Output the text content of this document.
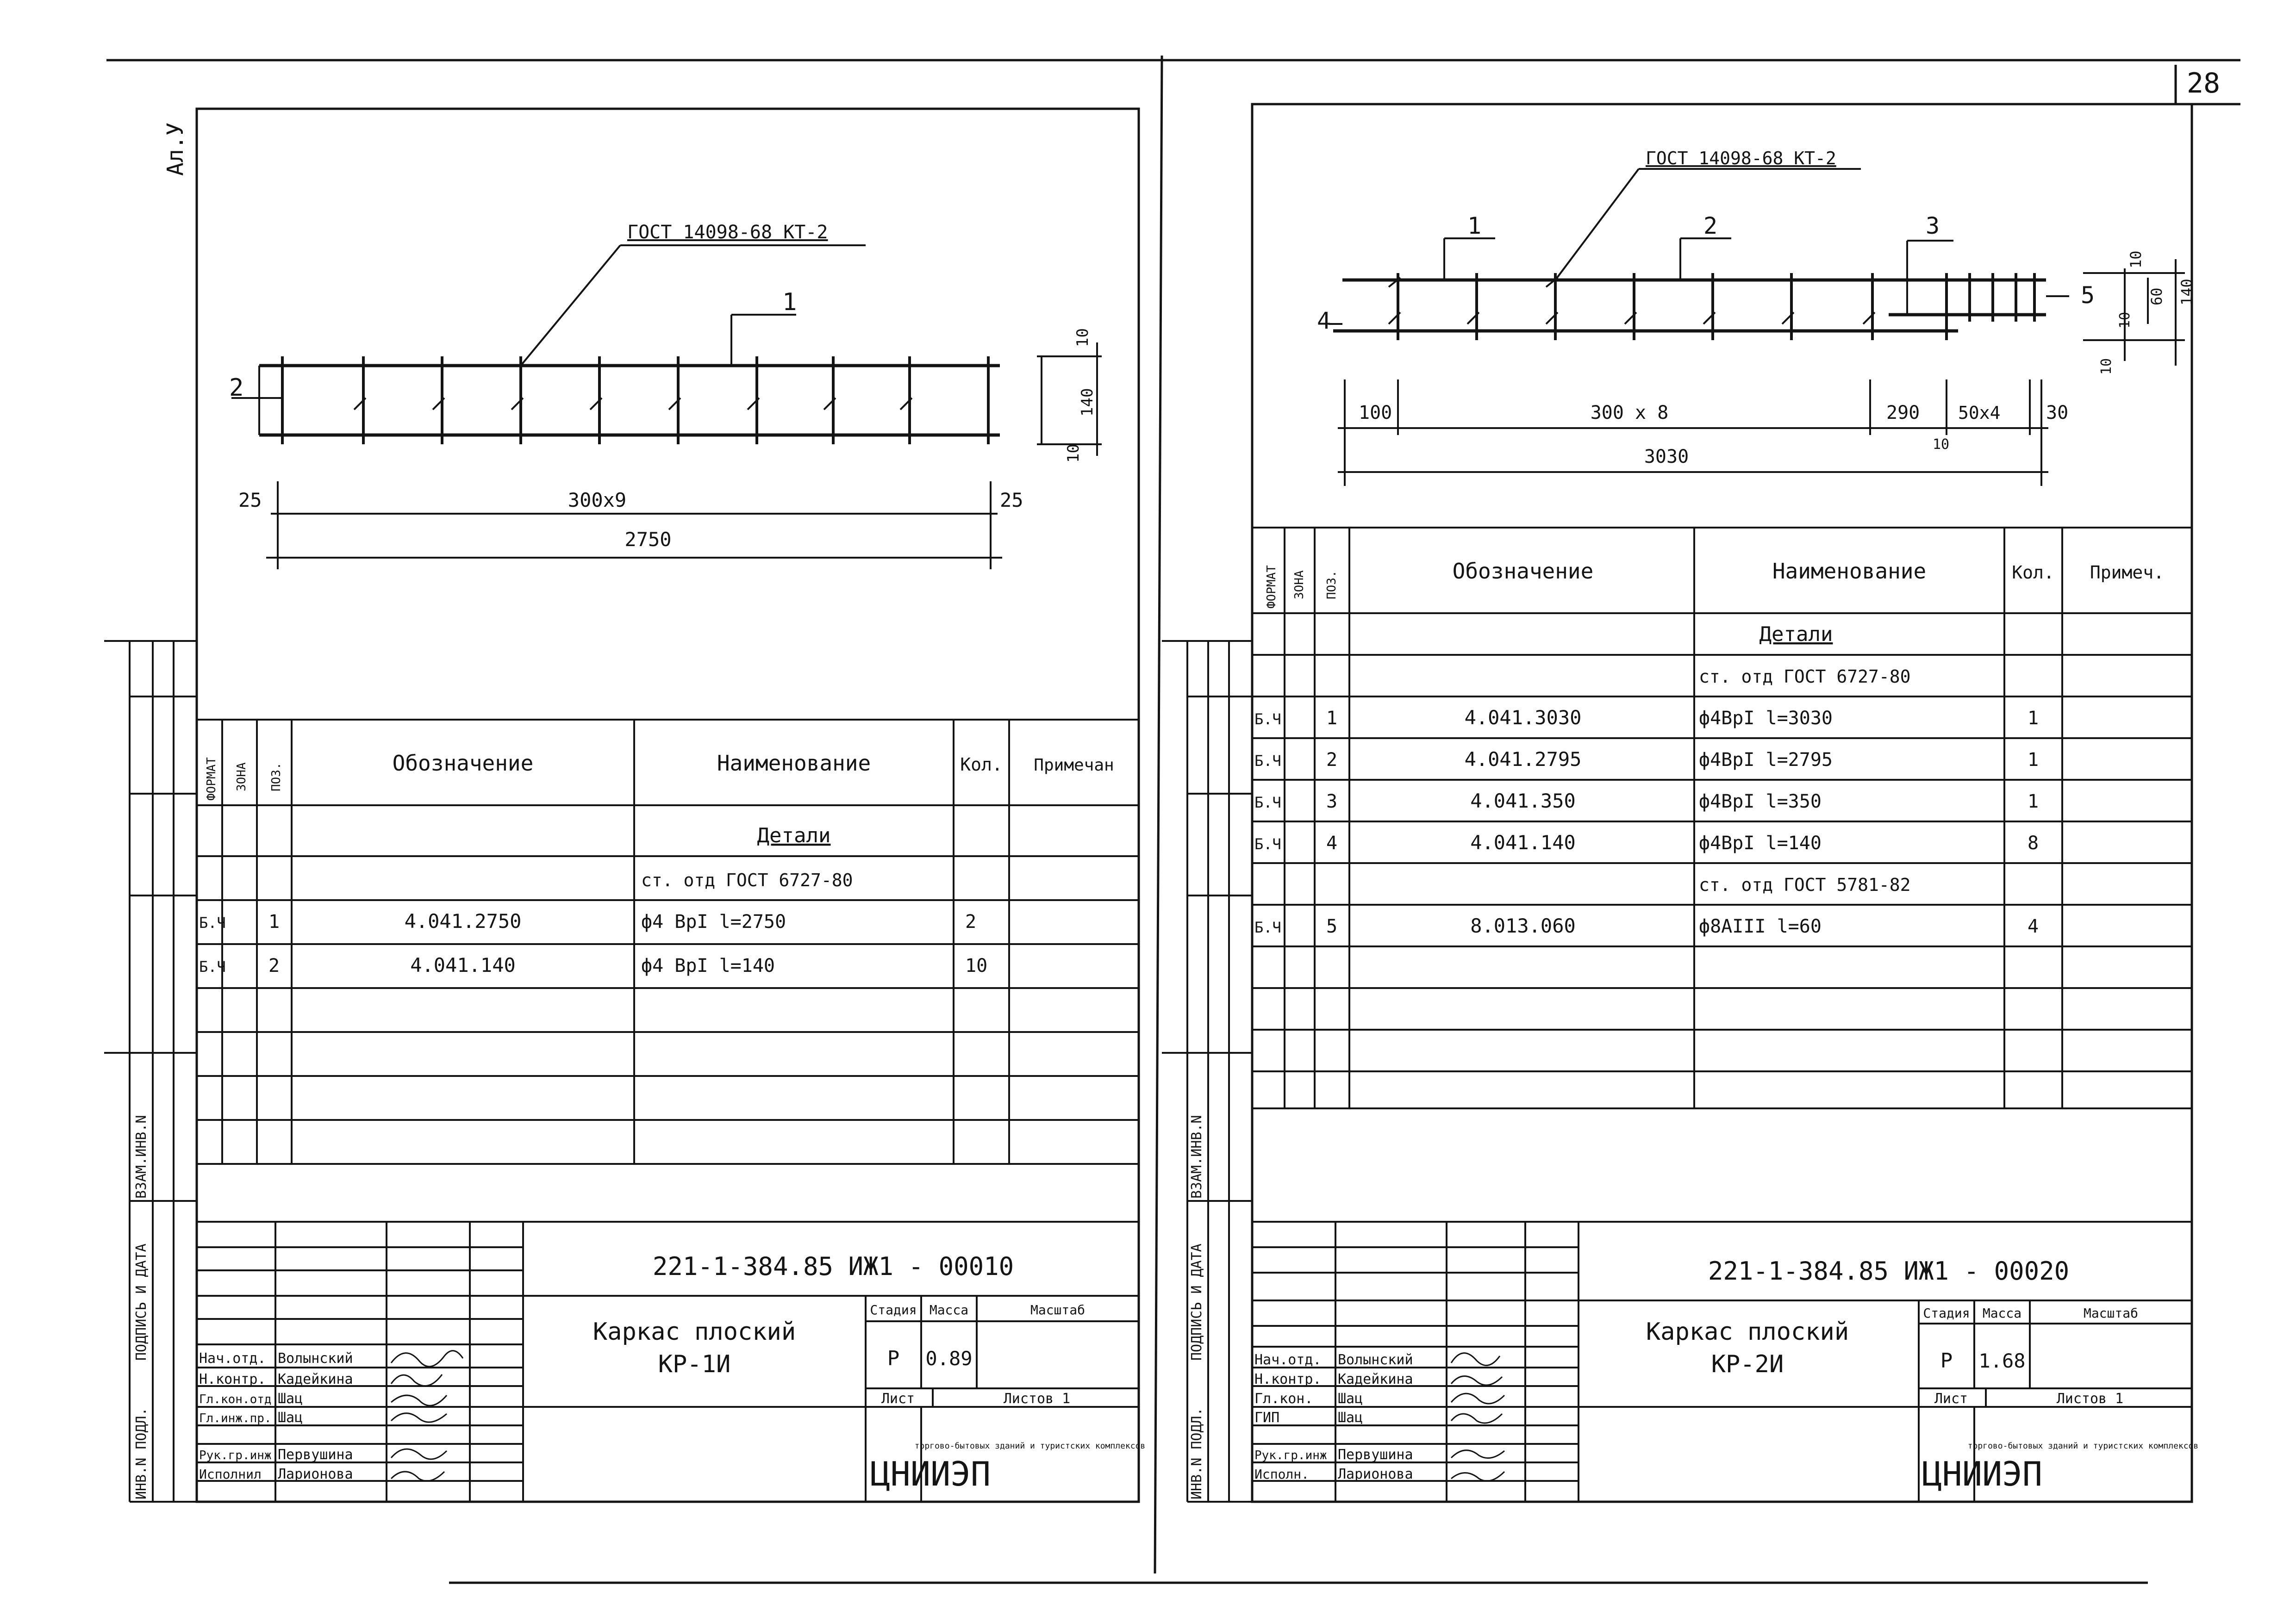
28
Ал.У
ВЗАМ.ИНВ.N
ПОДПИСЬ И ДАТА
ИНВ.N ПОДЛ.
ГОСТ 14098-68 КТ-2
1
2
25	300х9	25
2750
10
140
10
ФОРМАТ ЗОНА ПОЗ.	Обозначение	Наименование	Кол. Примечан
Детали
ст. отд ГОСТ 6727-80
Б.Ч 1	4.041.2750	ф4 ВрI l=2750	2
Б.Ч 2	4.041.140	ф4 ВрI l=140	10
221-1-384.85 ИЖ1 - 00010
Каркас плоский
КР-1И
Стадия Масса	Масштаб
Р 0.89
Лист	Листов 1
ЦНИИЭП
торгово-бытовых зданий и туристских комплексов
Нач.отд. Волынский
Н.контр. Кадейкина
Гл.кон.отд Шац
Гл.инж.пр. Шац
Рук.гр.инж Первушина
Исполнил Ларионова
ВЗАМ.ИНВ.N
ПОДПИСЬ И ДАТА
ИНВ.N ПОДЛ.
ГОСТ 14098-68 КТ-2
1	2	3
4
5
100	300 х 8	290 50х4 30
3030
10
10
60 140
10
10
ФОРМАТ ЗОНА ПОЗ.	Обозначение	Наименование	Кол. Примеч.
Детали
ст. отд ГОСТ 6727-80
ст. отд ГОСТ 5781-82
Б.Ч 1	4.041.3030	ф4ВрI l=3030	1
Б.Ч 2	4.041.2795	ф4ВрI l=2795	1
Б.Ч 3	4.041.350	ф4ВрI l=350	1
Б.Ч 4	4.041.140	ф4ВрI l=140	8
Б.Ч 5	8.013.060	ф8АIII l=60	4
221-1-384.85 ИЖ1 - 00020
Каркас плоский
КР-2И
Стадия Масса	Масштаб
Р 1.68
Лист	Листов 1
ЦНИИЭП
торгово-бытовых зданий и туристских комплексов
Нач.отд. Волынский
Н.контр. Кадейкина
Гл.кон. Шац
ГИП	Шац
Рук.гр.инж Первушина
Исполн. Ларионова
